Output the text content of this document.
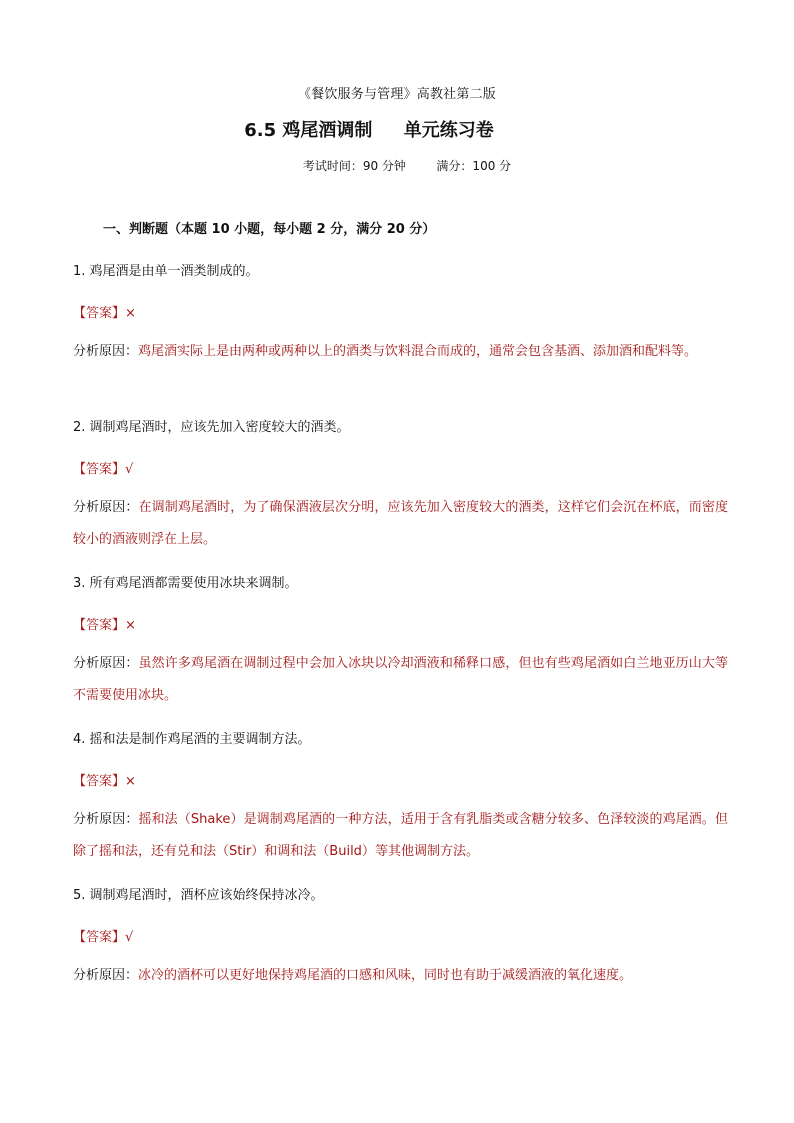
《餐饮服务与管理》高教社第二版
6.5 鸡尾酒调制     单元练习卷
考试时间：90 分钟        满分：100 分
一、判断题（本题 10 小题，每小题 2 分，满分 20 分）
1. 鸡尾酒是由单一酒类制成的。
【答案】×
分析原因：鸡尾酒实际上是由两种或两种以上的酒类与饮料混合而成的，通常会包含基酒、添加酒和配料等。
2. 调制鸡尾酒时，应该先加入密度较大的酒类。
【答案】√
分析原因：在调制鸡尾酒时，为了确保酒液层次分明，应该先加入密度较大的酒类，这样它们会沉在杯底，而密度较小的酒液则浮在上层。
3. 所有鸡尾酒都需要使用冰块来调制。
【答案】×
分析原因：虽然许多鸡尾酒在调制过程中会加入冰块以冷却酒液和稀释口感，但也有些鸡尾酒如白兰地亚历山大等不需要使用冰块。
4. 摇和法是制作鸡尾酒的主要调制方法。
【答案】×
分析原因：摇和法（Shake）是调制鸡尾酒的一种方法，适用于含有乳脂类或含糖分较多、色泽较淡的鸡尾酒。但除了摇和法，还有兑和法（Stir）和调和法（Build）等其他调制方法。
5. 调制鸡尾酒时，酒杯应该始终保持冰冷。
【答案】√
分析原因：冰冷的酒杯可以更好地保持鸡尾酒的口感和风味，同时也有助于减缓酒液的氧化速度。
